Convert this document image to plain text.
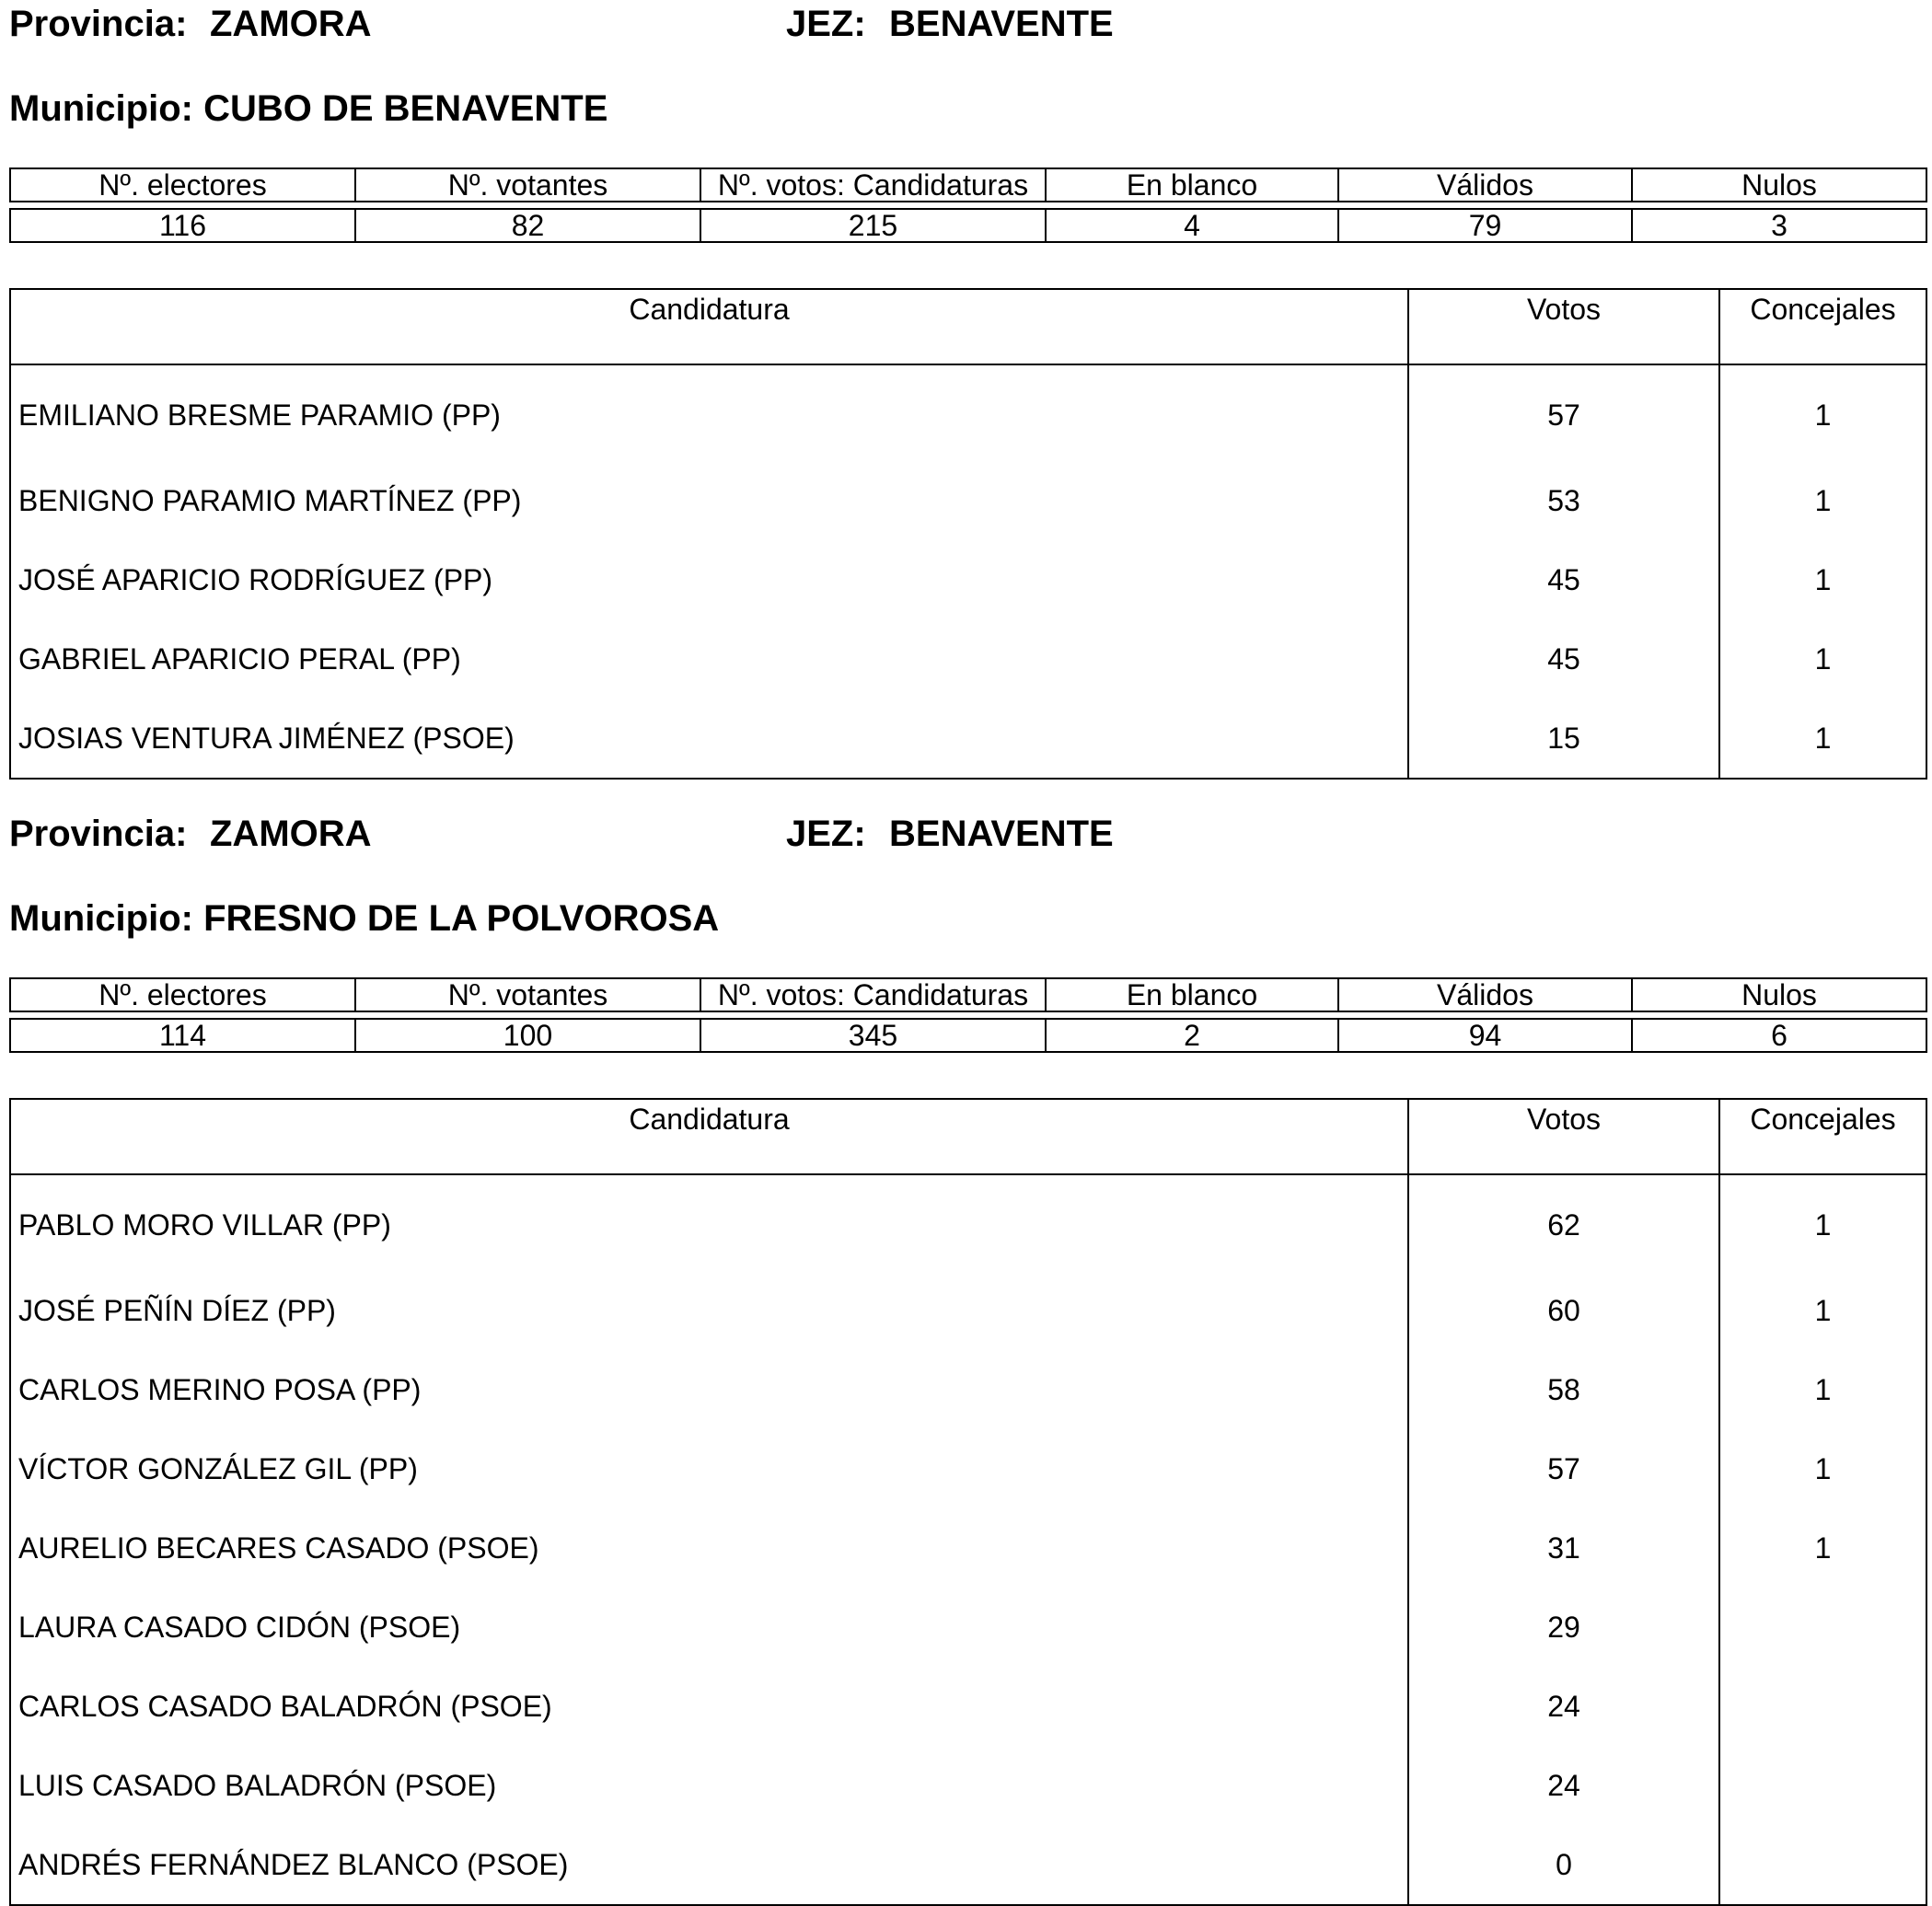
Provincia: ZAMORA	JEZ: BENAVENTE
Municipio: CUBO DE BENAVENTE
Nº. electores	Nº. votantes	Nº. votos: Candidaturas	En blanco	Válidos	Nulos
116	82	215	4	79	3
Candidatura	Votos	Concejales
EMILIANO BRESME PARAMIO (PP)	57	1
BENIGNO PARAMIO MARTÍNEZ (PP)	53	1
JOSÉ APARICIO RODRÍGUEZ (PP)	45	1
GABRIEL APARICIO PERAL (PP)	45	1
JOSIAS VENTURA JIMÉNEZ (PSOE)	15	1
Provincia: ZAMORA	JEZ: BENAVENTE
Municipio: FRESNO DE LA POLVOROSA
Nº. electores	Nº. votantes	Nº. votos: Candidaturas	En blanco	Válidos	Nulos
114	100	345	2	94	6
Candidatura	Votos	Concejales
PABLO MORO VILLAR (PP)	62	1
JOSÉ PEÑÍN DÍEZ (PP)	60	1
CARLOS MERINO POSA (PP)	58	1
VÍCTOR GONZÁLEZ GIL (PP)	57	1
AURELIO BECARES CASADO (PSOE)	31	1
LAURA CASADO CIDÓN (PSOE)	29	
CARLOS CASADO BALADRÓN (PSOE)	24	
LUIS CASADO BALADRÓN (PSOE)	24	
ANDRÉS FERNÁNDEZ BLANCO (PSOE)	0	
